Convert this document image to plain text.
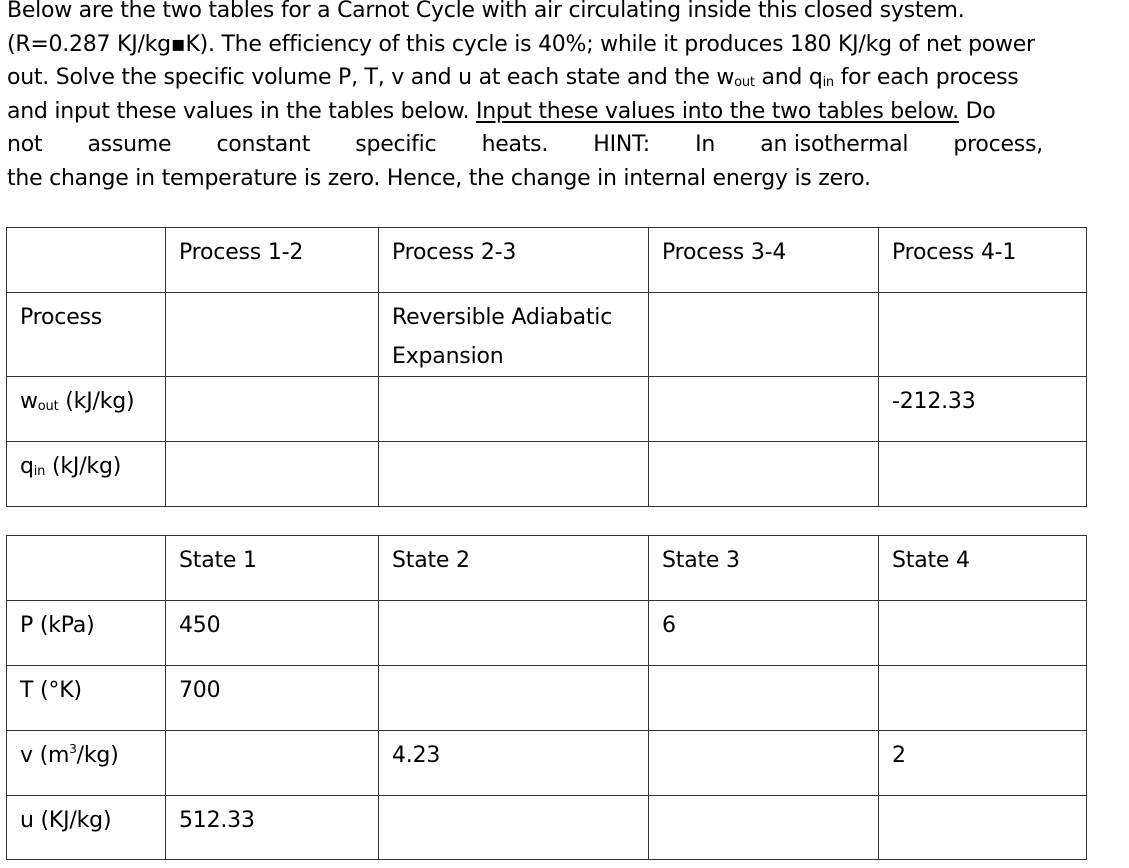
Below are the two tables for a Carnot Cycle with air circulating inside this closed system.
(R=0.287 KJ/kg▪K). The efficiency of this cycle is 40%; while it produces 180 KJ/kg of net power
out. Solve the specific volume P, T, v and u at each state and the $w_{out}$ and $q_{in}$ for each process
and input these values in the tables below. Input these values into the two tables below. Do
not assume constant specific heats. HINT: In an isothermal process,
the change in temperature is zero. Hence, the change in internal energy is zero.
	Process 1-2	Process 2-3	Process 3-4	Process 4-1
Process		Reversible Adiabatic Expansion		
$w_{out}$ (kJ/kg)				-212.33
$q_{in}$ (kJ/kg)				
	State 1	State 2	State 3	State 4
P (kPa)	450		6	
T (°K)	700			
v $(m^3/kg)$		4.23		2
u (KJ/kg)	512.33			
